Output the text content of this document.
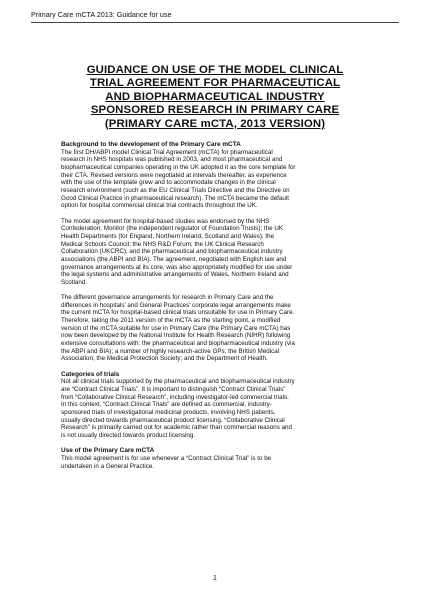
Primary Care mCTA 2013: Guidance for use
GUIDANCE ON USE OF THE MODEL CLINICAL
TRIAL AGREEMENT FOR PHARMACEUTICAL
AND BIOPHARMACEUTICAL INDUSTRY
SPONSORED RESEARCH IN PRIMARY CARE
(PRIMARY CARE mCTA, 2013 VERSION)
Background to the development of the Primary Care mCTA

The first DH/ABPI model Clinical Trial Agreement (mCTA) for pharmaceutical
research in NHS hospitals was published in 2003, and most pharmaceutical and
biopharmaceutical companies operating in the UK adopted it as the core template for
their CTA. Revised versions were negotiated at intervals thereafter, as experience
with the use of the template grew and to accommodate changes in the clinical
research environment (such as the EU Clinical Trials Directive and the Directive on
Good Clinical Practice in pharmaceutical research). The mCTA became the default
option for hospital commercial clinical trial contracts throughout the UK.

The model agreement for hospital-based studies was endorsed by the NHS
Confederation; Monitor (the independent regulator of Foundation Trusts); the UK
Health Departments (for England, Northern Ireland, Scotland and Wales); the
Medical Schools Council; the NHS R&D Forum; the UK Clinical Research
Collaboration (UKCRC); and the pharmaceutical and biopharmaceutical industry
associations (the ABPI and BIA). The agreement, negotiated with English law and
governance arrangements at its core, was also appropriately modified for use under
the legal systems and administrative arrangements of Wales, Northern Ireland and
Scotland.

The different governance arrangements for research in Primary Care and the
differences in hospitals' and General Practices' corporate legal arrangements make
the current mCTA for hospital-based clinical trials unsuitable for use in Primary Care.
Therefore, taking the 2011 version of the mCTA as the starting point, a modified
version of the mCTA suitable for use in Primary Care (the Primary Care mCTA) has
now been developed by the National Institute for Health Research (NIHR) following
extensive consultations with: the pharmaceutical and biopharmaceutical industry (via
the ABPI and BIA); a number of highly research-active GPs; the British Medical
Association; the Medical Protection Society; and the Department of Health.

Categories of trials

Not all clinical trials supported by the pharmaceutical and biopharmaceutical industry
are “Contract Clinical Trials”. It is important to distinguish “Contract Clinical Trials”
from “Collaborative Clinical Research”, including investigator-led commercial trials.
In this context, “Contract Clinical Trials” are defined as commercial, industry-
sponsored trials of investigational medicinal products, involving NHS patients,
usually directed towards pharmaceutical product licensing. “Collaborative Clinical
Research” is primarily carried out for academic rather than commercial reasons and
is not usually directed towards product licensing.

Use of the Primary Care mCTA

This model agreement is for use whenever a “Contract Clinical Trial” is to be
undertaken in a General Practice.

1
